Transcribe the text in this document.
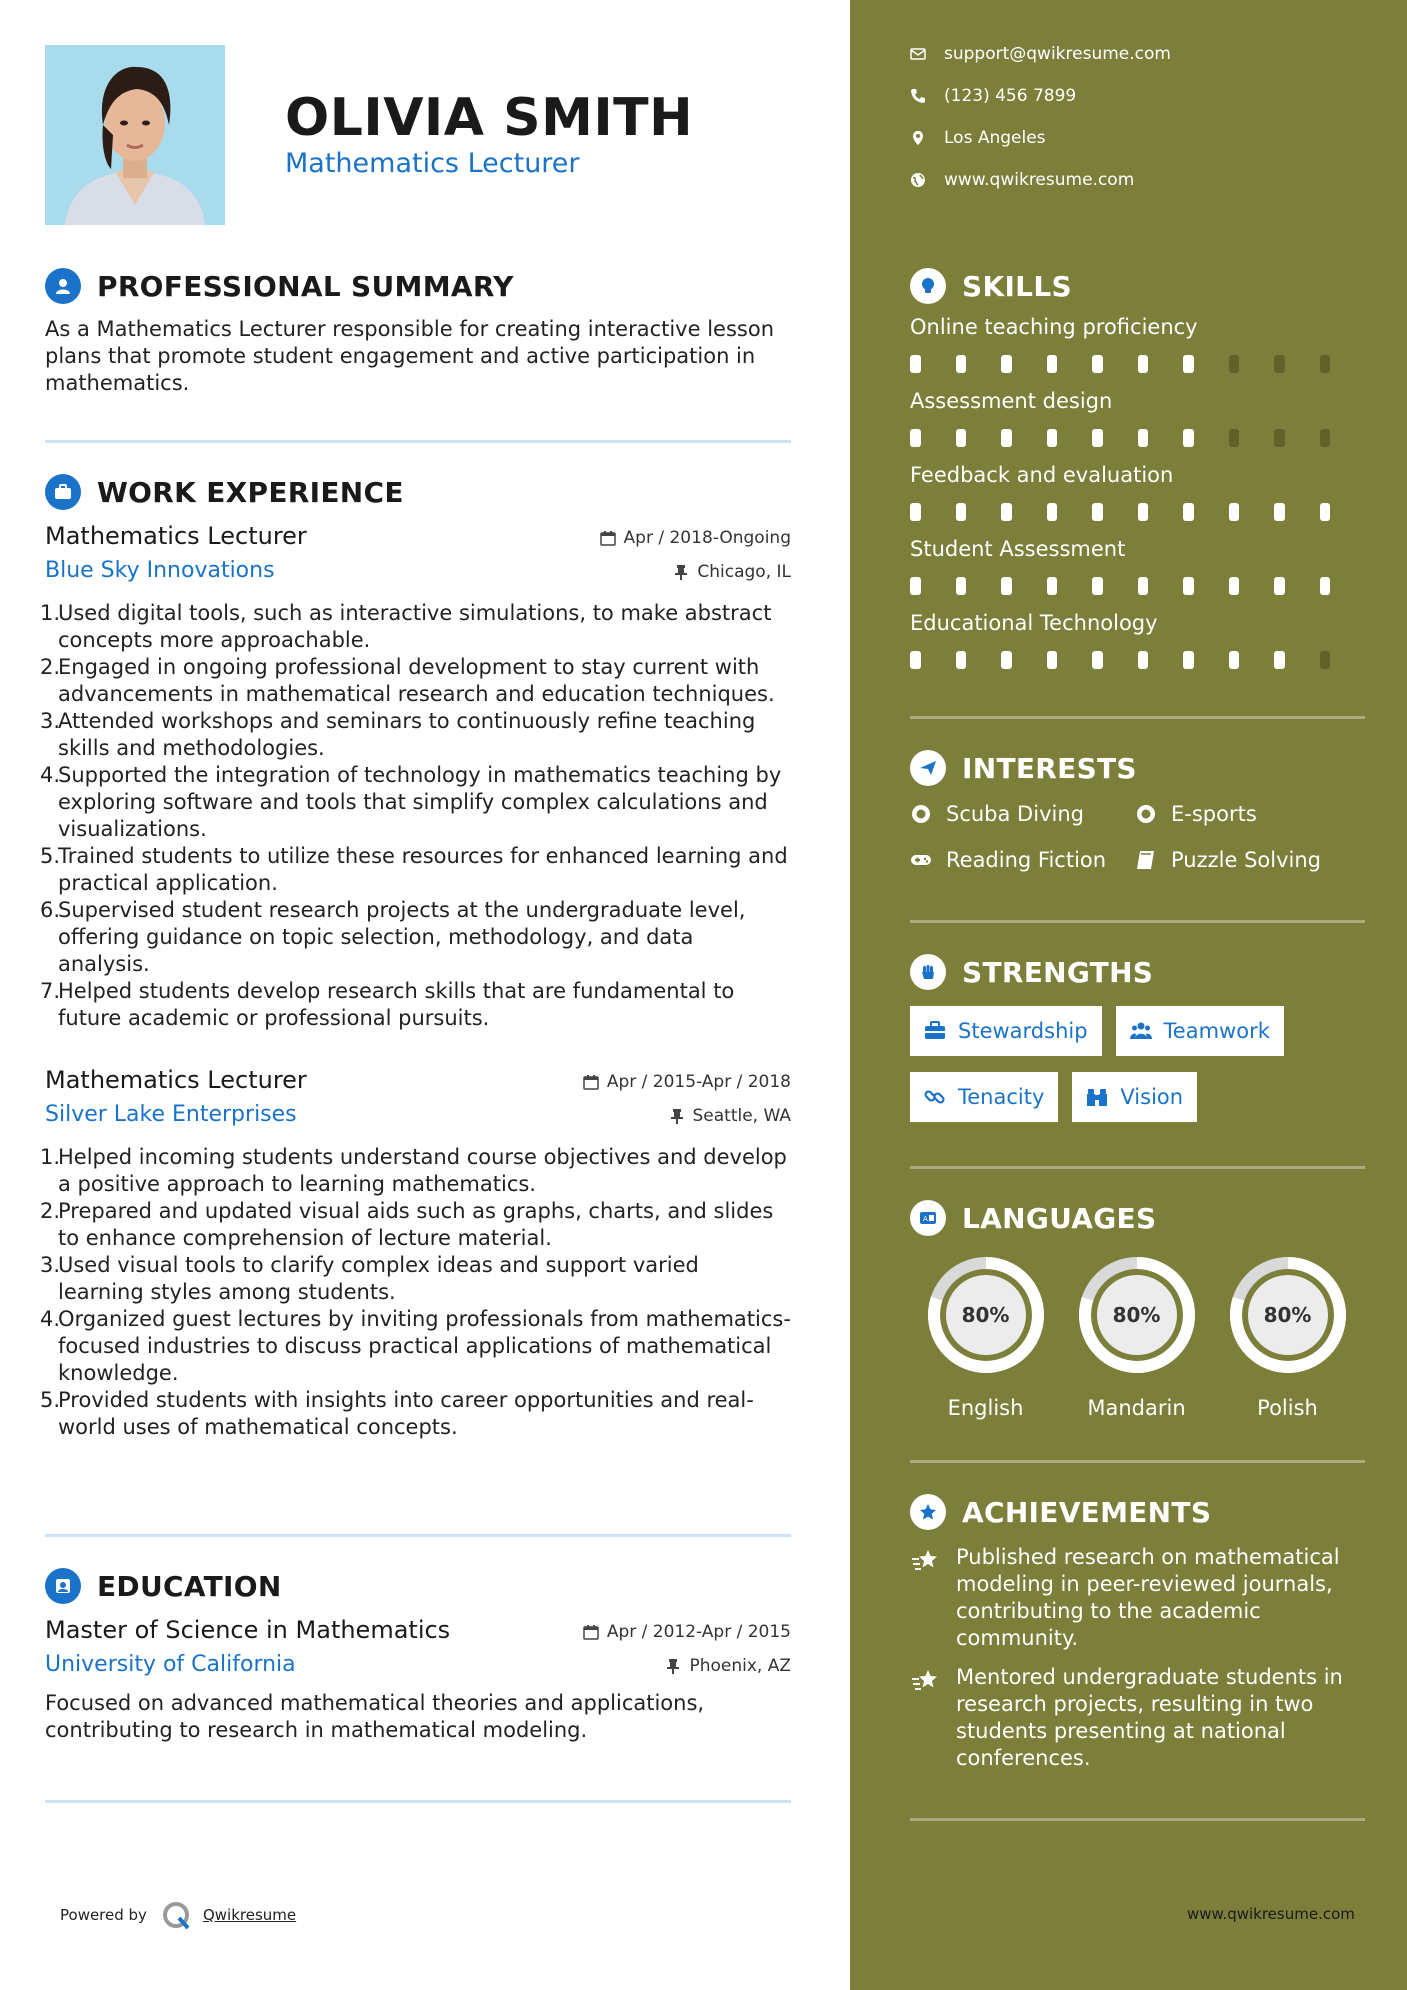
OLIVIA SMITH
Mathematics Lecturer
PROFESSIONAL SUMMARY
As a Mathematics Lecturer responsible for creating interactive lesson plans that promote student engagement and active participation in mathematics.
WORK EXPERIENCE
Mathematics Lecturer	Apr / 2018-Ongoing
Blue Sky Innovations	Chicago, IL
1.
Used digital tools, such as interactive simulations, to make abstract concepts more approachable.
2.
Engaged in ongoing professional development to stay current with advancements in mathematical research and education techniques.
3.
Attended workshops and seminars to continuously refine teaching skills and methodologies.
4.
Supported the integration of technology in mathematics teaching by exploring software and tools that simplify complex calculations and visualizations.
5.
Trained students to utilize these resources for enhanced learning and practical application.
6.
Supervised student research projects at the undergraduate level, offering guidance on topic selection, methodology, and data analysis.
7.
Helped students develop research skills that are fundamental to future academic or professional pursuits.
Mathematics Lecturer	Apr / 2015-Apr / 2018
Silver Lake Enterprises	Seattle, WA
1.
Helped incoming students understand course objectives and develop a positive approach to learning mathematics.
2.
Prepared and updated visual aids such as graphs, charts, and slides to enhance comprehension of lecture material.
3.
Used visual tools to clarify complex ideas and support varied learning styles among students.
4.
Organized guest lectures by inviting professionals from mathematics-focused industries to discuss practical applications of mathematical knowledge.
5.
Provided students with insights into career opportunities and real-world uses of mathematical concepts.
EDUCATION
Master of Science in Mathematics	Apr / 2012-Apr / 2015
University of California	Phoenix, AZ
Focused on advanced mathematical theories and applications, contributing to research in mathematical modeling.
Powered by	Qwikresume
support@qwikresume.com
(123) 456 7899
Los Angeles
www.qwikresume.com
SKILLS
Online teaching proficiency
Assessment design
Feedback and evaluation
Student Assessment
Educational Technology
INTERESTS
Scuba Diving	E-sports
Reading Fiction	Puzzle Solving
STRENGTHS
Stewardship	Teamwork
Tenacity	Vision
A LANGUAGES
80%
English
80%
Mandarin
80%
Polish
ACHIEVEMENTS
Published research on mathematical modeling in peer-reviewed journals, contributing to the academic community.
Mentored undergraduate students in research projects, resulting in two students presenting at national conferences.
www.qwikresume.com
